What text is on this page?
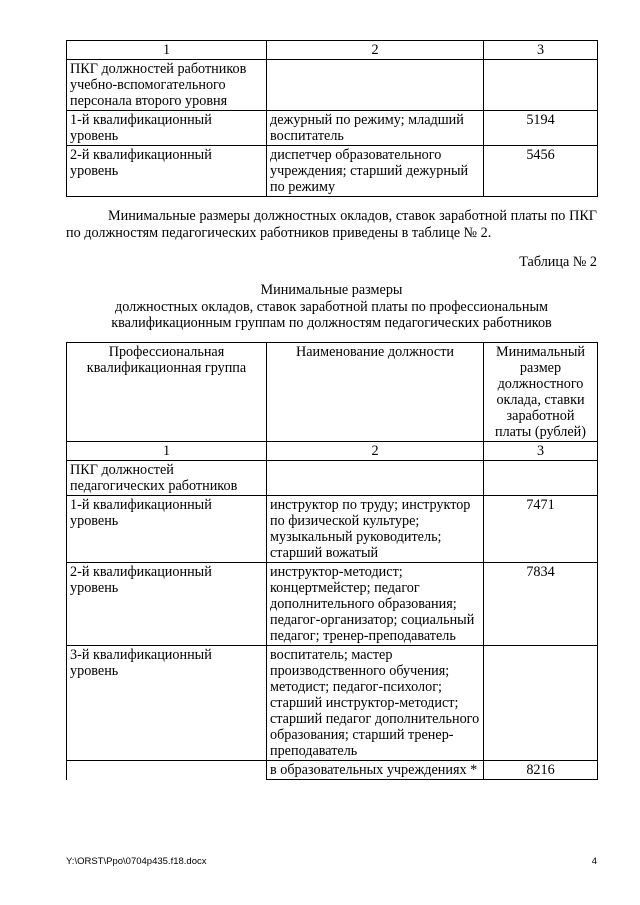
1	2	3
ПКГ должностей работников учебно-вспомогательного персонала второго уровня		
1-й квалификационный уровень	дежурный по режиму; младший воспитатель	5194
2-й квалификационный уровень	диспетчер образовательного учреждения; старший дежурный по режиму	5456
Минимальные размеры должностных окладов, ставок заработной платы по ПКГ по должностям педагогических работников приведены в таблице № 2.
Таблица № 2
Минимальные размеры
должностных окладов, ставок заработной платы по профессиональным
квалификационным группам по должностям педагогических работников
Профессиональная квалификационная группа	Наименование должности	Минимальный размер должностного оклада, ставки заработной платы (рублей)
1	2	3
ПКГ должностей педагогических работников		
1-й квалификационный уровень	инструктор по труду; инструктор по физической культуре; музыкальный руководитель; старший вожатый	7471
2-й квалификационный уровень	инструктор-методист; концертмейстер; педагог дополнительного образования; педагог-организатор; социальный педагог; тренер-преподаватель	7834
3-й квалификационный уровень	воспитатель; мастер производственного обучения; методист; педагог-психолог; старший инструктор-методист; старший педагог дополнительного образования; старший тренер-преподаватель	
	в образовательных учреждениях *	8216
Y:\ORST\Ppo\0704p435.f18.docx	4
